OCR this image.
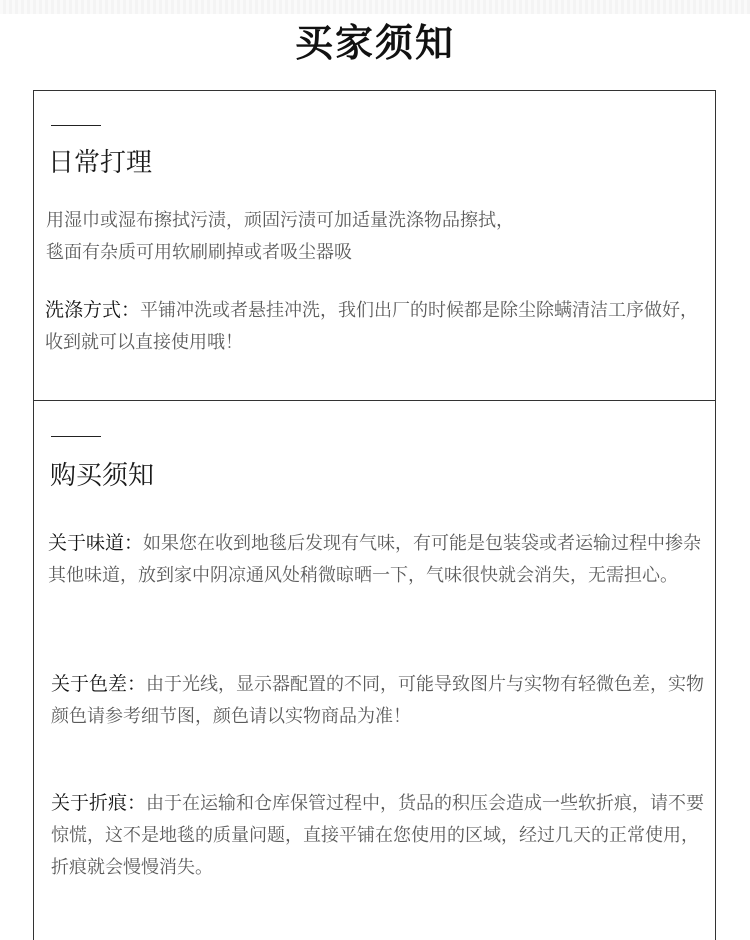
买家须知
日常打理
用湿巾或湿布擦拭污渍，顽固污渍可加适量洗涤物品擦拭，
毯面有杂质可用软刷刷掉或者吸尘器吸
洗涤方式：平铺冲洗或者悬挂冲洗，我们出厂的时候都是除尘除螨清洁工序做好，收到就可以直接使用哦！
购买须知
关于味道：如果您在收到地毯后发现有气味，有可能是包装袋或者运输过程中掺杂其他味道，放到家中阴凉通风处稍微晾晒一下，气味很快就会消失，无需担心。
关于色差：由于光线，显示器配置的不同，可能导致图片与实物有轻微色差，实物颜色请参考细节图，颜色请以实物商品为准！
关于折痕：由于在运输和仓库保管过程中，货品的积压会造成一些软折痕，请不要惊慌，这不是地毯的质量问题，直接平铺在您使用的区域，经过几天的正常使用，折痕就会慢慢消失。
